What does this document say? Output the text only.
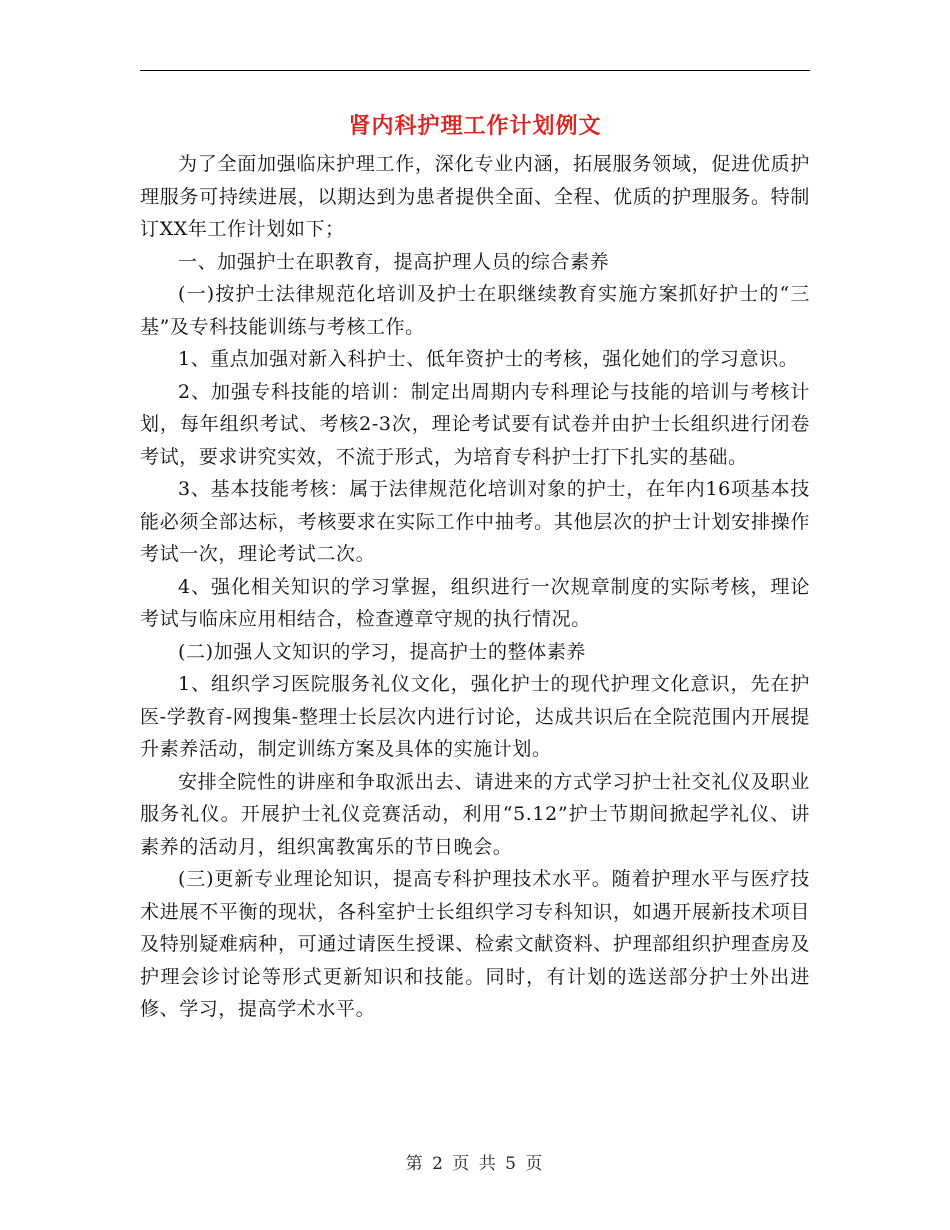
肾内科护理工作计划例文

为了全面加强临床护理工作，深化专业内涵，拓展服务领域，促进优质护理服务可持续进展，以期达到为患者提供全面、全程、优质的护理服务。特制订XX年工作计划如下；

一、加强护士在职教育，提高护理人员的综合素养

(一)按护士法律规范化培训及护士在职继续教育实施方案抓好护士的“三基”及专科技能训练与考核工作。

1、重点加强对新入科护士、低年资护士的考核，强化她们的学习意识。

2、加强专科技能的培训：制定出周期内专科理论与技能的培训与考核计划，每年组织考试、考核2-3次，理论考试要有试卷并由护士长组织进行闭卷考试，要求讲究实效，不流于形式，为培育专科护士打下扎实的基础。

3、基本技能考核：属于法律规范化培训对象的护士，在年内16项基本技能必须全部达标，考核要求在实际工作中抽考。其他层次的护士计划安排操作考试一次，理论考试二次。

4、强化相关知识的学习掌握，组织进行一次规章制度的实际考核，理论考试与临床应用相结合，检查遵章守规的执行情况。

(二)加强人文知识的学习，提高护士的整体素养

1、组织学习医院服务礼仪文化，强化护士的现代护理文化意识，先在护医-学教育-网搜集-整理士长层次内进行讨论，达成共识后在全院范围内开展提升素养活动，制定训练方案及具体的实施计划。

安排全院性的讲座和争取派出去、请进来的方式学习护士社交礼仪及职业服务礼仪。开展护士礼仪竞赛活动，利用“5.12”护士节期间掀起学礼仪、讲素养的活动月，组织寓教寓乐的节日晚会。

(三)更新专业理论知识，提高专科护理技术水平。随着护理水平与医疗技术进展不平衡的现状，各科室护士长组织学习专科知识，如遇开展新技术项目及特别疑难病种，可通过请医生授课、检索文献资料、护理部组织护理查房及护理会诊讨论等形式更新知识和技能。同时，有计划的选送部分护士外出进修、学习，提高学术水平。

第 2 页 共 5 页
